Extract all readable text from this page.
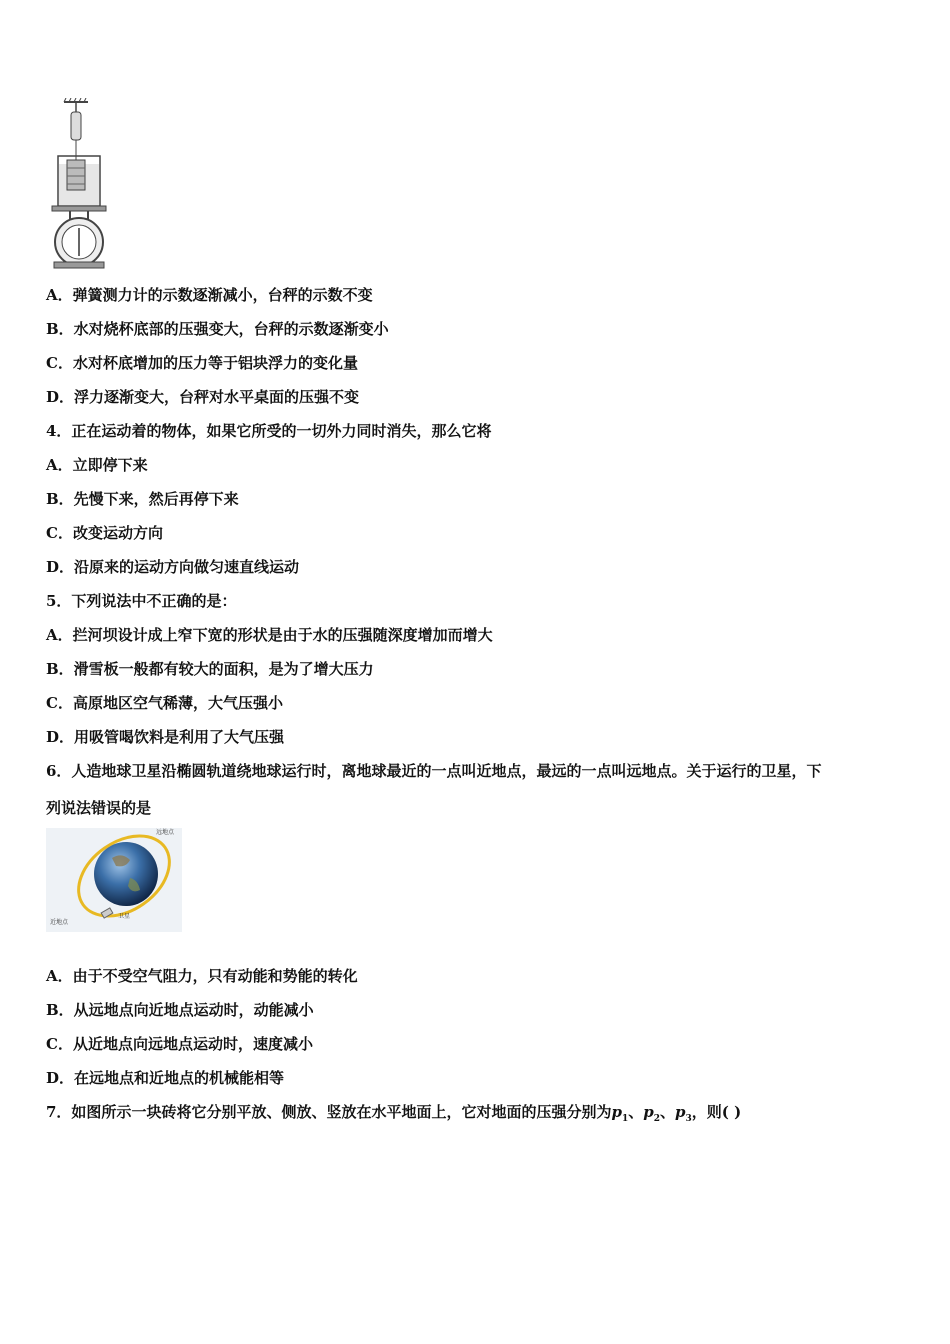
A．弹簧测力计的示数逐渐减小，台秤的示数不变
B．水对烧杯底部的压强变大，台秤的示数逐渐变小
C．水对杯底增加的压力等于铝块浮力的变化量
D．浮力逐渐变大，台秤对水平桌面的压强不变
4．正在运动着的物体，如果它所受的一切外力同时消失，那么它将
A．立即停下来
B．先慢下来，然后再停下来
C．改变运动方向
D．沿原来的运动方向做匀速直线运动
5．下列说法中不正确的是：
A．拦河坝设计成上窄下宽的形状是由于水的压强随深度增加而增大
B．滑雪板一般都有较大的面积，是为了增大压力
C．高原地区空气稀薄，大气压强小
D．用吸管喝饮料是利用了大气压强
6．人造地球卫星沿椭圆轨道绕地球运行时，离地球最近的一点叫近地点，最远的一点叫远地点。关于运行的卫星，下
列说法错误的是
远地点
近地点
卫星
A．由于不受空气阻力，只有动能和势能的转化
B．从远地点向近地点运动时，动能减小
C．从近地点向远地点运动时，速度减小
D．在远地点和近地点的机械能相等
7．如图所示一块砖将它分别平放、侧放、竖放在水平地面上，它对地面的压强分别为$p_1$、$p_2$、$p_3$，则( )
